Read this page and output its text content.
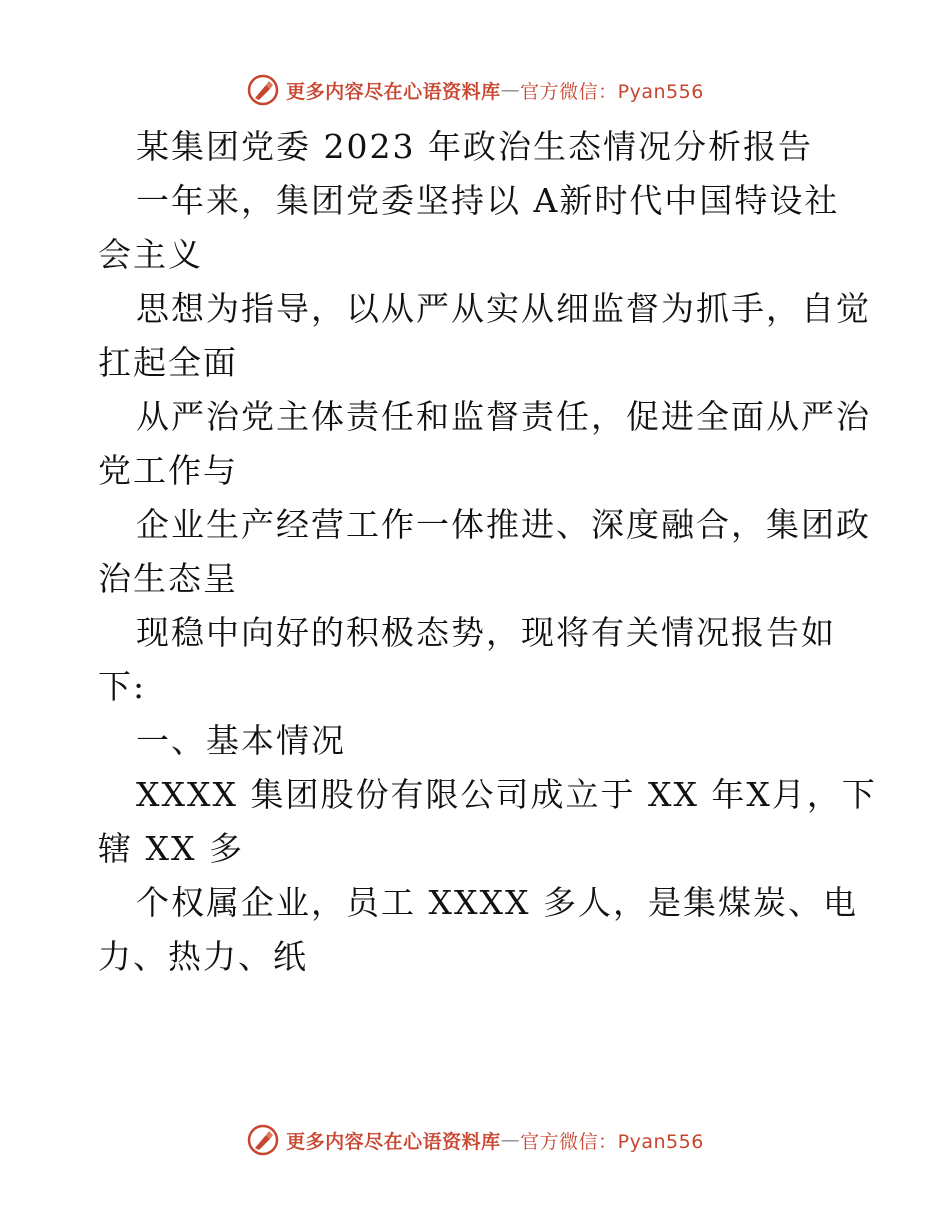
更多内容尽在心语资料库 — 官方微信：Pyan556
某集团党委 2023 年政治生态情况分析报告
一年来，集团党委坚持以 A新时代中国特设社
会主义
思想为指导，以从严从实从细监督为抓手，自觉
扛起全面
从严治党主体责任和监督责任，促进全面从严治
党工作与
企业生产经营工作一体推进、深度融合，集团政
治生态呈
现稳中向好的积极态势，现将有关情况报告如
下:
一、基本情况
XXXX 集团股份有限公司成立于 XX 年X月，下
辖 XX 多
个权属企业，员工 XXXX 多人，是集煤炭、电
力、热力、纸
更多内容尽在心语资料库 — 官方微信：Pyan556
